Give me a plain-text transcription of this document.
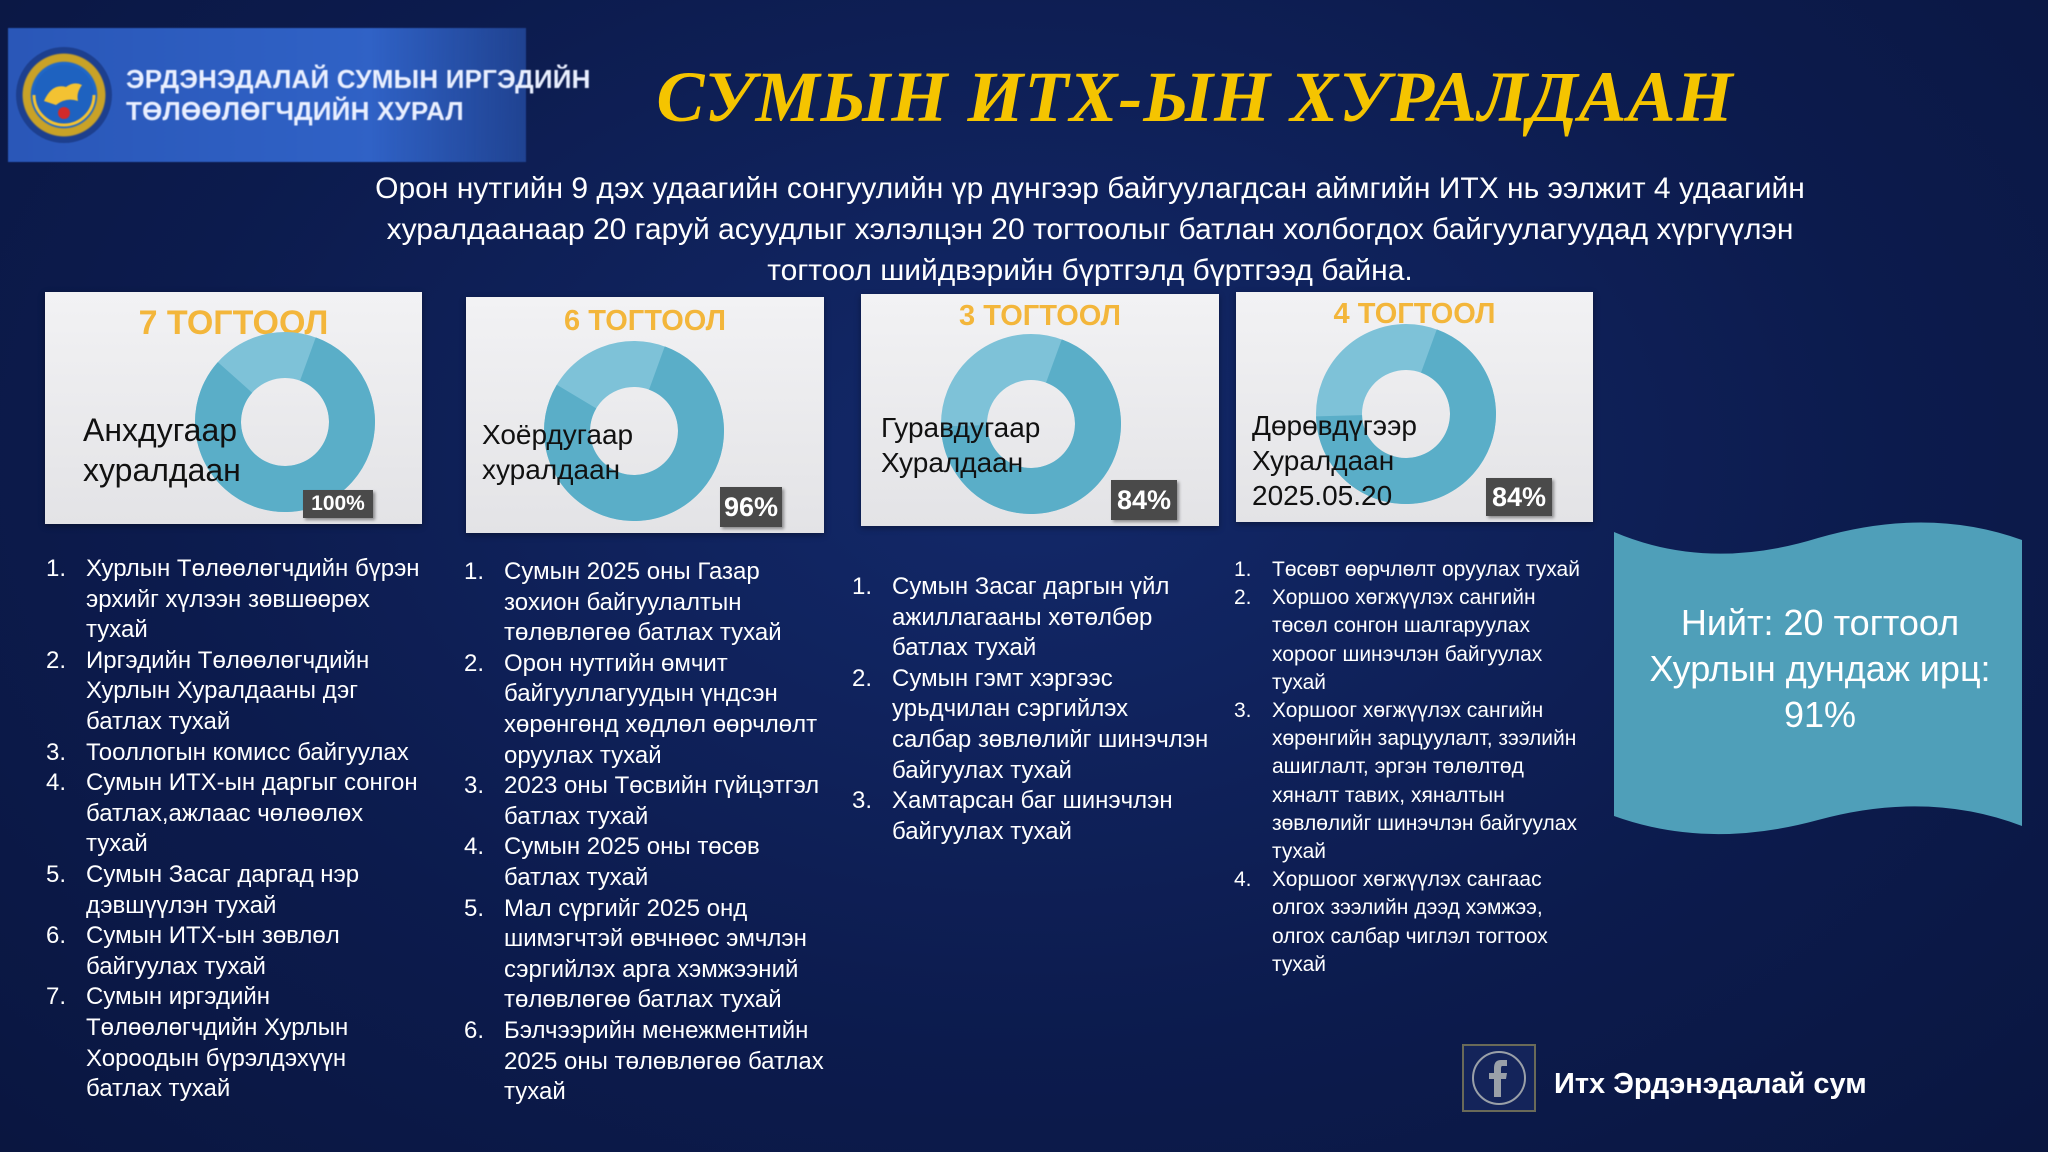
ЭРДЭНЭДАЛАЙ СУМЫН ИРГЭДИЙН
ТӨЛӨӨЛӨГЧДИЙН ХУРАЛ	СУМЫН ИТХ-ЫН ХУРАЛДААН
Орон нутгийн 9 дэх удаагийн сонгуулийн үр дүнгээр байгуулагдсан аймгийн ИТХ нь ээлжит 4 удаагийн
хуралдаанаар 20 гаруй асуудлыг хэлэлцэн 20 тогтоолыг батлан холбогдох байгуулагуудад хүргүүлэн
тогтоол шийдвэрийн бүртгэлд бүртгээд байна.
7 ТОГТООЛ
Анхдугаар
хуралдаан
100%
6 ТОГТООЛ
Хоёрдугаар
хуралдаан
96%
3 ТОГТООЛ
Гуравдугаар
Хуралдаан
84%
4 ТОГТООЛ
Дөрөвдүгээр
Хуралдаан
2025.05.20	84%
1. Хурлын Төлөөлөгчдийн бүрэн эрхийг хүлээн зөвшөөрөх тухай
2. Иргэдийн Төлөөлөгчдийн Хурлын Хуралдааны дэг батлах тухай
3. Тооллогын комисс байгуулах
4. Сумын ИТХ-ын даргыг сонгон батлах,ажлаас чөлөөлөх тухай
5. Сумын Засаг даргад нэр дэвшүүлэн тухай
6. Сумын ИТХ-ын зөвлөл байгуулах тухай
7. Сумын иргэдийн Төлөөлөгчдийн Хурлын Хороодын бүрэлдэхүүн батлах тухай
1. Сумын 2025 оны Газар зохион байгуулалтын төлөвлөгөө батлах тухай
2. Орон нутгийн өмчит байгууллагуудын үндсэн хөрөнгөнд хөдлөл өөрчлөлт оруулах тухай
3. 2023 оны Төсвийн гүйцэтгэл батлах тухай
4. Сумын 2025 оны төсөв батлах тухай
5. Мал сүргийг 2025 онд шимэгчтэй өвчнөөс эмчлэн сэргийлэх арга хэмжээний төлөвлөгөө батлах тухай
6. Бэлчээрийн менежментийн 2025 оны төлөвлөгөө батлах тухай
1. Сумын Засаг даргын үйл ажиллагааны хөтөлбөр батлах тухай
2. Сумын гэмт хэргээс урьдчилан сэргийлэх салбар зөвлөлийг шинэчлэн байгуулах тухай
3. Хамтарсан баг шинэчлэн байгуулах тухай
1. Төсөвт өөрчлөлт оруулах тухай
2. Хоршоо хөгжүүлэх сангийн төсөл сонгон шалгаруулах хороог шинэчлэн байгуулах тухай
3. Хоршоог хөгжүүлэх сангийн хөрөнгийн зарцуулалт, зээлийн ашиглалт, эргэн төлөлтөд хяналт тавих, хяналтын зөвлөлийг шинэчлэн байгуулах тухай
4. Хоршоог хөгжүүлэх сангаас олгох зээлийн дээд хэмжээ, олгох салбар чиглэл тогтоох тухай
Нийт: 20 тогтоол
Хурлын дундаж ирц:
91%
Итх Эрдэнэдалай сум
